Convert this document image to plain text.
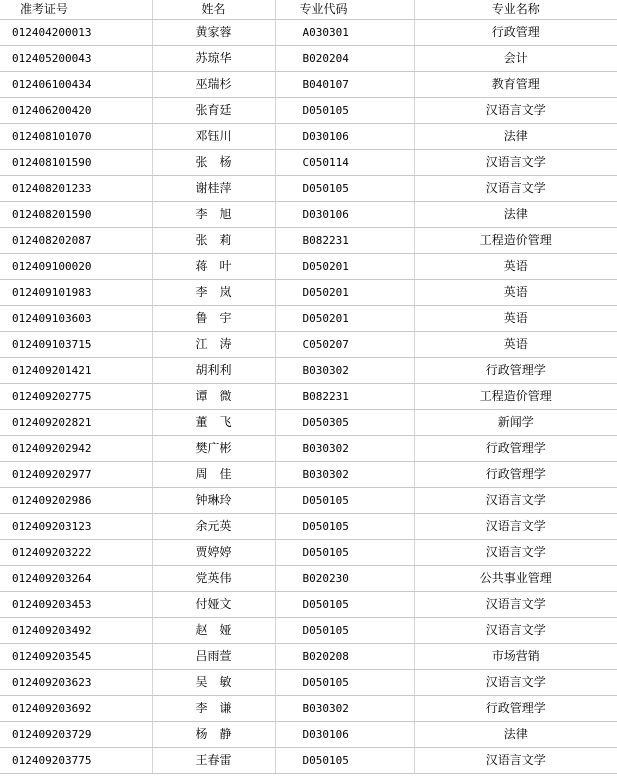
准考证号	姓名	专业代码	专业名称
012404200013	黄家蓉	A030301	行政管理
012405200043	苏琼华	B020204	会计
012406100434	巫瑞杉	B040107	教育管理
012406200420	张育廷	D050105	汉语言文学
012408101070	邓钰川	D030106	法律
012408101590	张　杨	C050114	汉语言文学
012408201233	谢桂萍	D050105	汉语言文学
012408201590	李　旭	D030106	法律
012408202087	张　莉	B082231	工程造价管理
012409100020	蒋　叶	D050201	英语
012409101983	李　岚	D050201	英语
012409103603	鲁　宇	D050201	英语
012409103715	江　涛	C050207	英语
012409201421	胡利利	B030302	行政管理学
012409202775	谭　微	B082231	工程造价管理
012409202821	董　飞	D050305	新闻学
012409202942	樊广彬	B030302	行政管理学
012409202977	周　佳	B030302	行政管理学
012409202986	钟琳玲	D050105	汉语言文学
012409203123	余元英	D050105	汉语言文学
012409203222	贾婷婷	D050105	汉语言文学
012409203264	党英伟	B020230	公共事业管理
012409203453	付娅文	D050105	汉语言文学
012409203492	赵　娅	D050105	汉语言文学
012409203545	吕雨萱	B020208	市场营销
012409203623	吴　敏	D050105	汉语言文学
012409203692	李　谦	B030302	行政管理学
012409203729	杨　静	D030106	法律
012409203775	王春雷	D050105	汉语言文学
